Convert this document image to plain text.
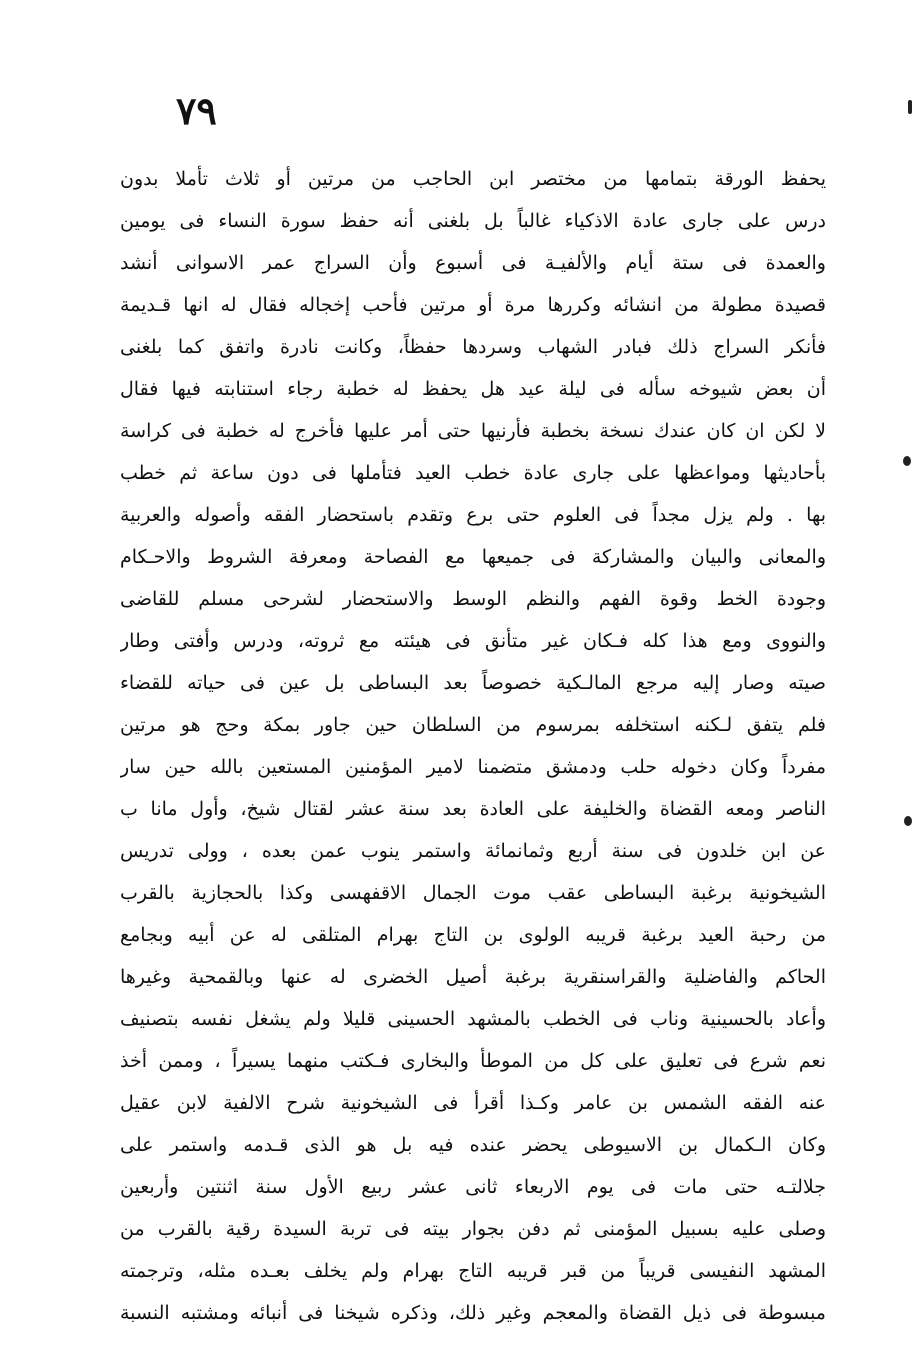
٧٩
يحفظ الورقة بتمامها من مختصر ابن الحاجب من مرتين أو ثلاث تأملا بدون
درس على جارى عادة الاذكياء غالباً بل بلغنى أنه حفظ سورة النساء فى يومين
والعمدة فى ستة أيام والألفيـة فى أسبوع وأن السراج عمر الاسوانى أنشد
قصيدة مطولة من انشائه وكررها مرة أو مرتين فأحب إخجاله فقال له انها قـديمة
فأنكر السراج ذلك فبادر الشهاب وسردها حفظاً، وكانت نادرة واتفق كما بلغنى
أن بعض شيوخه سأله فى ليلة عيد هل يحفظ له خطبة رجاء استنابته فيها فقال
لا لكن ان كان عندك نسخة بخطبة فأرنيها حتى أمر عليها فأخرج له خطبة فى كراسة
بأحاديثها ومواعظها على جارى عادة خطب العيد فتأملها فى دون ساعة ثم خطب
بها . ولم يزل مجداً فى العلوم حتى برع وتقدم باستحضار الفقه وأصوله والعربية
والمعانى والبيان والمشاركة فى جميعها مع الفصاحة ومعرفة الشروط والاحـكام
وجودة الخط وقوة الفهم والنظم الوسط والاستحضار لشرحى مسلم للقاضى
والنووى ومع هذا كله فـكان غير متأنق فى هيئته مع ثروته، ودرس وأفتى وطار
صيته وصار إليه مرجع المالـكية خصوصاً بعد البساطى بل عين فى حياته للقضاء
فلم يتفق لـكنه استخلفه بمرسوم من السلطان حين جاور بمكة وحج هو مرتين
مفرداً وكان دخوله حلب ودمشق متضمنا لامير المؤمنين المستعين بالله حين سار
الناصر ومعه القضاة والخليفة على العادة بعد سنة عشر لقتال شيخ، وأول مانا ب
عن ابن خلدون فى سنة أربع وثمانمائة واستمر ينوب عمن بعده ، وولى تدريس
الشيخونية برغبة البساطى عقب موت الجمال الاقفهسى وكذا بالحجازية بالقرب
من رحبة العيد برغبة قريبه الولوى بن التاج بهرام المتلقى له عن أبيه وبجامع
الحاكم والفاضلية والقراسنقرية برغبة أصيل الخضرى له عنها وبالقمحية وغيرها
وأعاد بالحسينية وناب فى الخطب بالمشهد الحسينى قليلا ولم يشغل نفسه بتصنيف
نعم شرع فى تعليق على كل من الموطأ والبخارى فـكتب منهما يسيراً ، وممن أخذ
عنه الفقه الشمس بن عامر وكـذا أقرأ فى الشيخونية شرح الالفية لابن عقيل
وكان الـكمال بن الاسيوطى يحضر عنده فيه بل هو الذى قـدمه واستمر على
جلالتـه حتى مات فى يوم الاربعاء ثانى عشر ربيع الأول سنة اثنتين وأربعين
وصلى عليه بسبيل المؤمنى ثم دفن بجوار بيته فى تربة السيدة رقية بالقرب من
المشهد النفيسى قريباً من قبر قريبه التاج بهرام ولم يخلف بعـده مثله، وترجمته
مبسوطة فى ذيل القضاة والمعجم وغير ذلك، وذكره شيخنا فى أنبائه ومشتبه النسبة
